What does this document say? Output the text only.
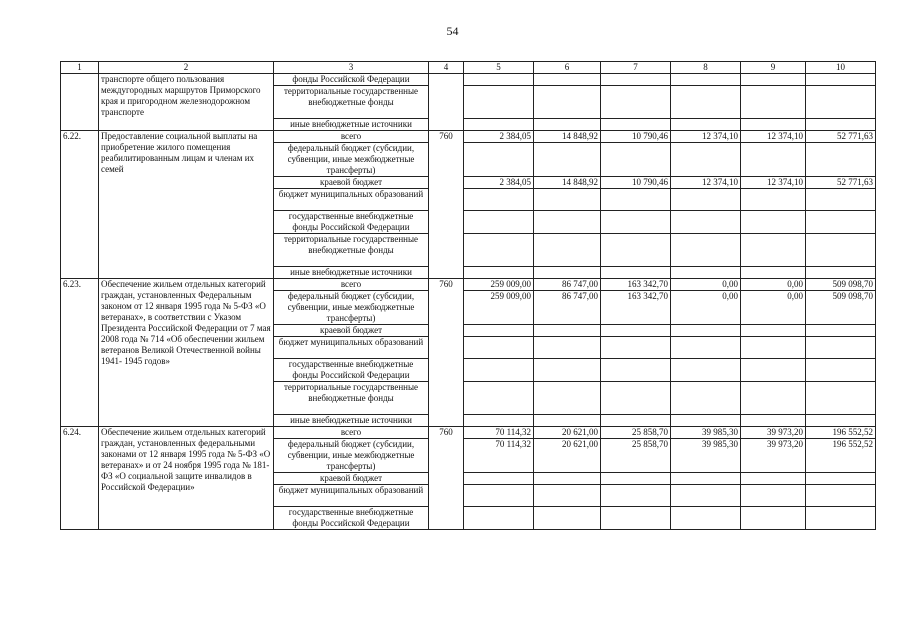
54
1	2	3	4	5	6	7	8	9	10
	транспорте общего пользования междугородных маршрутов Приморского края и пригородном железнодорожном транспорте	фонды Российской Федерации							
		территориальные государственные внебюджетные фонды							
		иные внебюджетные источники							
6.22.	Предоставление социальной выплаты на приобретение жилого помещения реабилитированным лицам и членам их семей	всего	760	2 384,05	14 848,92	10 790,46	12 374,10	12 374,10	52 771,63
		федеральный бюджет (субсидии, субвенции, иные межбюджетные трансферты)							
		краевой бюджет		2 384,05	14 848,92	10 790,46	12 374,10	12 374,10	52 771,63
		бюджет муниципальных образований							
		государственные внебюджетные фонды Российской Федерации							
		территориальные государственные внебюджетные фонды							
		иные внебюджетные источники							
6.23.	Обеспечение жильем отдельных категорий граждан, установленных Федеральным законом от 12 января 1995 года № 5-ФЗ «О ветеранах», в соответствии с Указом Президента Российской Федерации от 7 мая 2008 года № 714 «Об обеспечении жильем ветеранов Великой Отечественной войны 1941- 1945 годов»	всего	760	259 009,00	86 747,00	163 342,70	0,00	0,00	509 098,70
		федеральный бюджет (субсидии, субвенции, иные межбюджетные трансферты)		259 009,00	86 747,00	163 342,70	0,00	0,00	509 098,70
		краевой бюджет							
		бюджет муниципальных образований							
		государственные внебюджетные фонды Российской Федерации							
		территориальные государственные внебюджетные фонды							
		иные внебюджетные источники							
6.24.	Обеспечение жильем отдельных категорий граждан, установленных федеральными законами от 12 января 1995 года № 5-ФЗ «О ветеранах» и от 24 ноября 1995 года № 181-ФЗ «О социальной защите инвалидов в Российской Федерации»	всего	760	70 114,32	20 621,00	25 858,70	39 985,30	39 973,20	196 552,52
		федеральный бюджет (субсидии, субвенции, иные межбюджетные трансферты)		70 114,32	20 621,00	25 858,70	39 985,30	39 973,20	196 552,52
		краевой бюджет							
		бюджет муниципальных образований							
		государственные внебюджетные фонды Российской Федерации							
